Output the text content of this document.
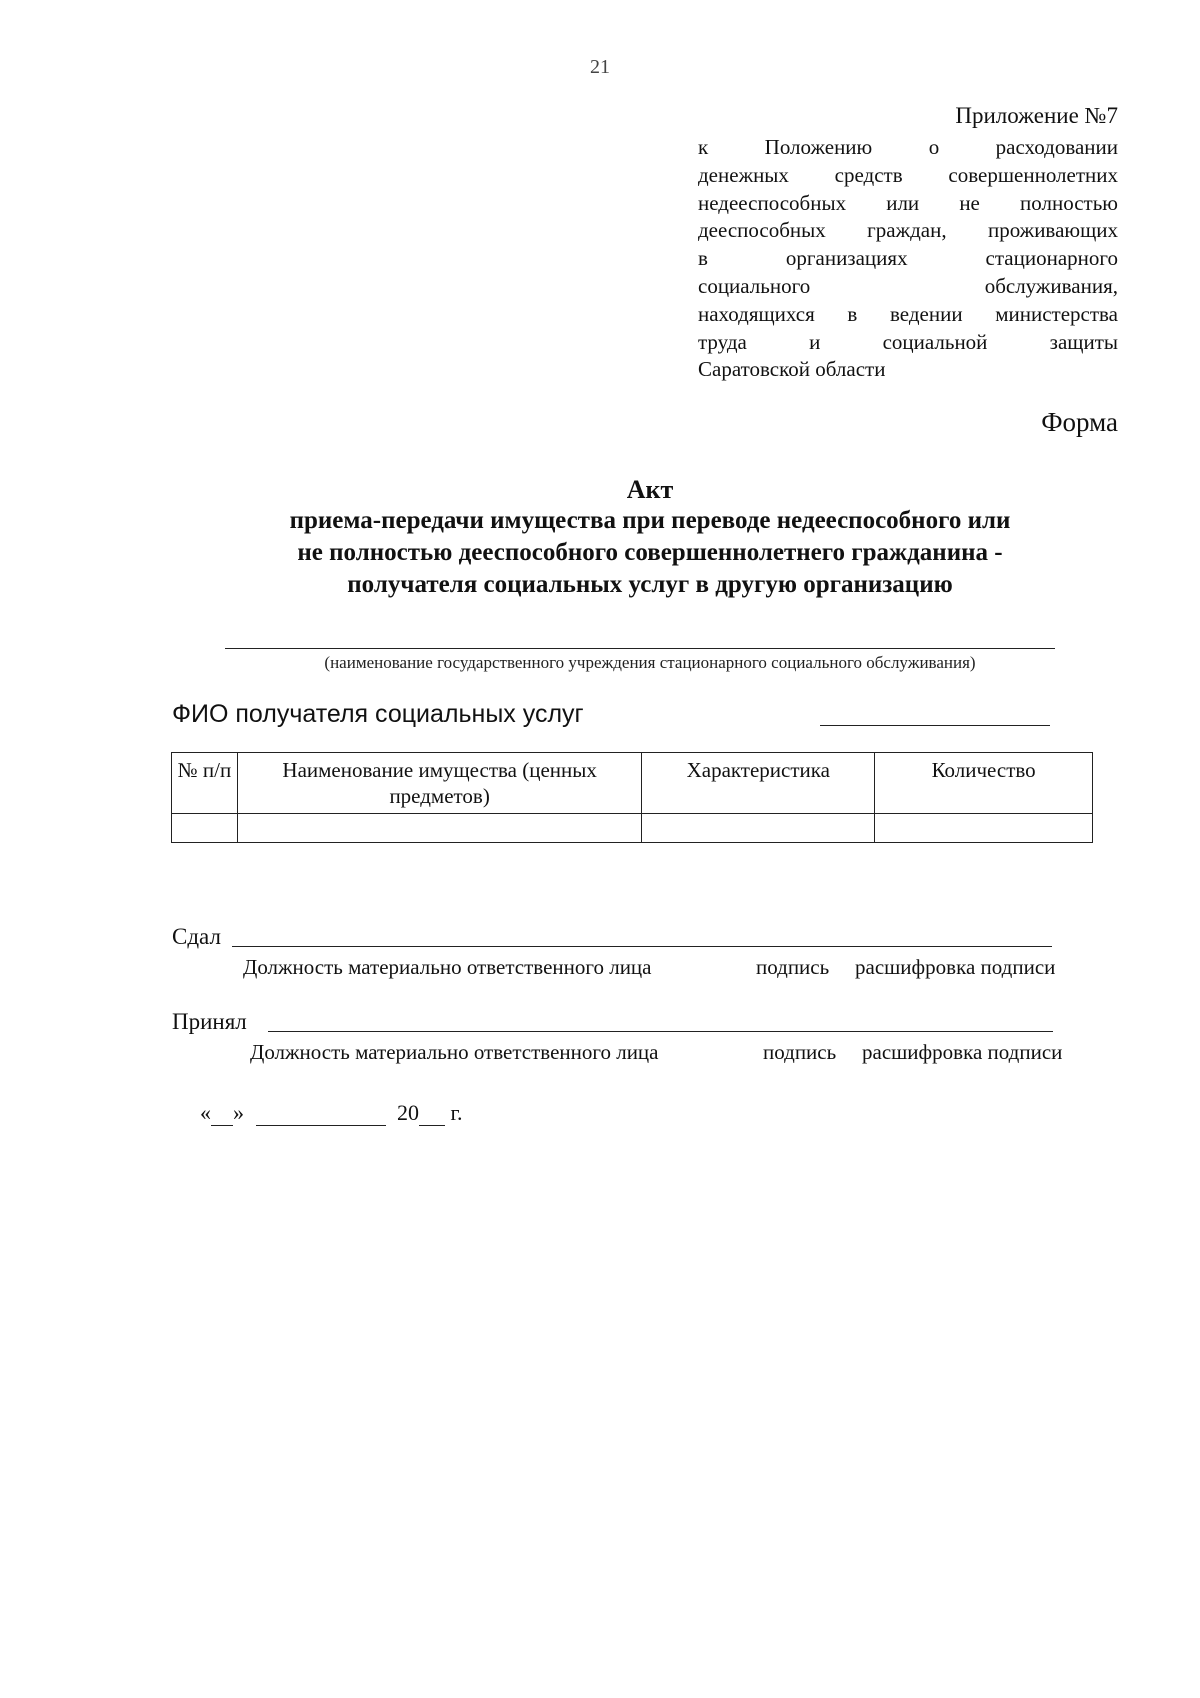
21
Приложение №7
к Положению о расходовании
денежных средств совершеннолетних
недееспособных или не полностью
дееспособных граждан, проживающих
в организациях стационарного
социального обслуживания,
находящихся в ведении министерства
труда и социальной защиты
Саратовской области
Форма
Акт
приема-передачи имущества при переводе недееспособного или
не полностью дееспособного совершеннолетнего гражданина -
получателя социальных услуг в другую организацию
(наименование государственного учреждения стационарного социального обслуживания)
ФИО получателя социальных услуг
№ п/п	Наименование имущества (ценных предметов)	Характеристика	Количество

Сдал
Должность материально ответственного лица	подпись расшифровка подписи
Принял
Должность материально ответственного лица	подпись расшифровка подписи
« »	20 г.
